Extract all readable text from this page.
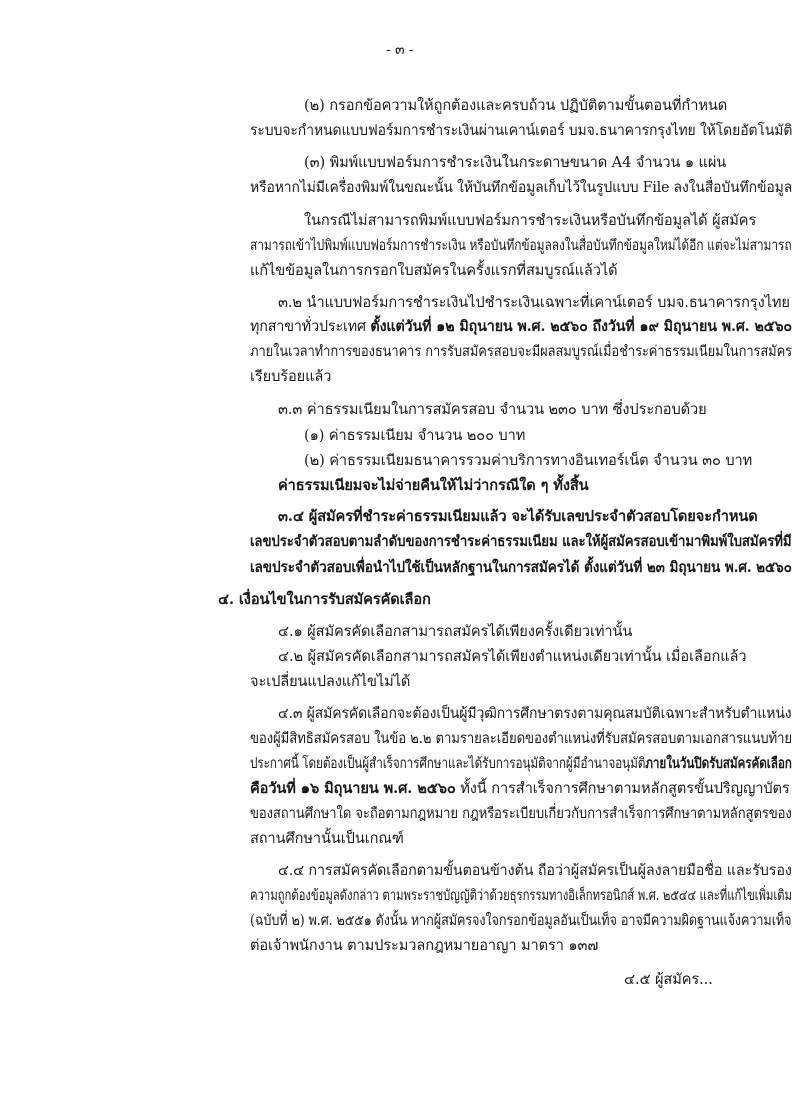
- ๓ -
(๒) กรอกข้อความให้ถูกต้องและครบถ้วน ปฏิบัติตามขั้นตอนที่กำหนด
ระบบจะกำหนดแบบฟอร์มการชำระเงินผ่านเคาน์เตอร์ บมจ.ธนาคารกรุงไทย ให้โดยอัตโนมัติ
(๓) พิมพ์แบบฟอร์มการชำระเงินในกระดาษขนาด A4 จำนวน ๑ แผ่น
หรือหากไม่มีเครื่องพิมพ์ในขณะนั้น ให้บันทึกข้อมูลเก็บไว้ในรูปแบบ File ลงในสื่อบันทึกข้อมูล
ในกรณีไม่สามารถพิมพ์แบบฟอร์มการชำระเงินหรือบันทึกข้อมูลได้ ผู้สมัคร
สามารถเข้าไปพิมพ์แบบฟอร์มการชำระเงิน หรือบันทึกข้อมูลลงในสื่อบันทึกข้อมูลใหม่ได้อีก แต่จะไม่สามารถ
แก้ไขข้อมูลในการกรอกใบสมัครในครั้งแรกที่สมบูรณ์แล้วได้
๓.๒ นำแบบฟอร์มการชำระเงินไปชำระเงินเฉพาะที่เคาน์เตอร์ บมจ.ธนาคารกรุงไทย
ทุกสาขาทั่วประเทศ ตั้งแต่วันที่ ๑๒ มิถุนายน พ.ศ. ๒๕๖๐ ถึงวันที่ ๑๙ มิถุนายน พ.ศ. ๒๕๖๐
ภายในเวลาทำการของธนาคาร การรับสมัครสอบจะมีผลสมบูรณ์เมื่อชำระค่าธรรมเนียมในการสมัคร
เรียบร้อยแล้ว
๓.๓ ค่าธรรมเนียมในการสมัครสอบ จำนวน ๒๓๐ บาท ซึ่งประกอบด้วย
(๑) ค่าธรรมเนียม จำนวน ๒๐๐ บาท
(๒) ค่าธรรมเนียมธนาคารรวมค่าบริการทางอินเทอร์เน็ต จำนวน ๓๐ บาท
ค่าธรรมเนียมจะไม่จ่ายคืนให้ไม่ว่ากรณีใด ๆ ทั้งสิ้น
๓.๔ ผู้สมัครที่ชำระค่าธรรมเนียมแล้ว จะได้รับเลขประจำตัวสอบโดยจะกำหนด
เลขประจำตัวสอบตามลำดับของการชำระค่าธรรมเนียม และให้ผู้สมัครสอบเข้ามาพิมพ์ใบสมัครที่มี
เลขประจำตัวสอบเพื่อนำไปใช้เป็นหลักฐานในการสมัครได้ ตั้งแต่วันที่ ๒๓ มิถุนายน พ.ศ. ๒๕๖๐
๔. เงื่อนไขในการรับสมัครคัดเลือก
๔.๑ ผู้สมัครคัดเลือกสามารถสมัครได้เพียงครั้งเดียวเท่านั้น
๔.๒ ผู้สมัครคัดเลือกสามารถสมัครได้เพียงตำแหน่งเดียวเท่านั้น เมื่อเลือกแล้ว
จะเปลี่ยนแปลงแก้ไขไม่ได้
๔.๓ ผู้สมัครคัดเลือกจะต้องเป็นผู้มีวุฒิการศึกษาตรงตามคุณสมบัติเฉพาะสำหรับตำแหน่ง
ของผู้มีสิทธิสมัครสอบ ในข้อ ๒.๒ ตามรายละเอียดของตำแหน่งที่รับสมัครสอบตามเอกสารแนบท้าย
ประกาศนี้ โดยต้องเป็นผู้สำเร็จการศึกษาและได้รับการอนุมัติจากผู้มีอำนาจอนุมัติภายในวันปิดรับสมัครคัดเลือก
คือวันที่ ๑๖ มิถุนายน พ.ศ. ๒๕๖๐ ทั้งนี้ การสำเร็จการศึกษาตามหลักสูตรขั้นปริญญาบัตร
ของสถานศึกษาใด จะถือตามกฎหมาย กฎหรือระเบียบเกี่ยวกับการสำเร็จการศึกษาตามหลักสูตรของ
สถานศึกษานั้นเป็นเกณฑ์
๔.๔ การสมัครคัดเลือกตามขั้นตอนข้างต้น ถือว่าผู้สมัครเป็นผู้ลงลายมือชื่อ และรับรอง
ความถูกต้องข้อมูลดังกล่าว ตามพระราชบัญญัติว่าด้วยธุรกรรมทางอิเล็กทรอนิกส์ พ.ศ. ๒๕๔๔ และที่แก้ไขเพิ่มเติม
(ฉบับที่ ๒) พ.ศ. ๒๕๕๑ ดังนั้น หากผู้สมัครจงใจกรอกข้อมูลอันเป็นเท็จ อาจมีความผิดฐานแจ้งความเท็จ
ต่อเจ้าพนักงาน ตามประมวลกฎหมายอาญา มาตรา ๑๓๗
๔.๕ ผู้สมัคร...
